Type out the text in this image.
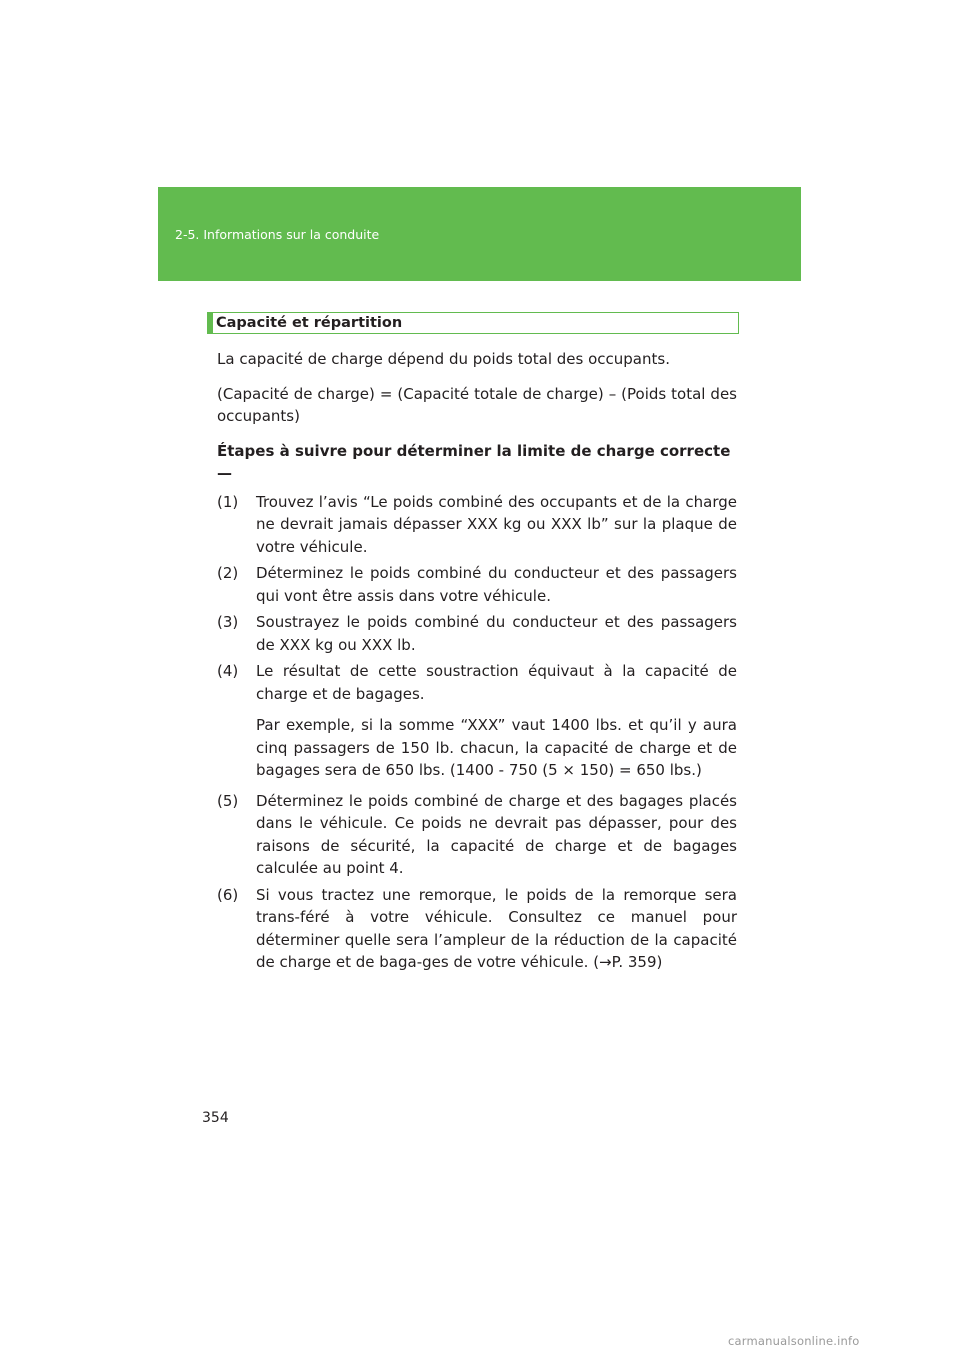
2-5. Informations sur la conduite
Capacité et répartition

La capacité de charge dépend du poids total des occupants.

(Capacité de charge) = (Capacité totale de charge) – (Poids total des occupants)

Étapes à suivre pour déterminer la limite de charge correcte —

(1) Trouvez l’avis “Le poids combiné des occupants et de la charge ne devrait jamais dépasser XXX kg ou XXX lb” sur la plaque de votre véhicule.
(2) Déterminez le poids combiné du conducteur et des passagers qui vont être assis dans votre véhicule.
(3) Soustrayez le poids combiné du conducteur et des passagers de XXX kg ou XXX lb.
(4) Le résultat de cette soustraction équivaut à la capacité de charge et de bagages.
Par exemple, si la somme “XXX” vaut 1400 lbs. et qu’il y aura cinq passagers de 150 lb. chacun, la capacité de charge et de bagages sera de 650 lbs. (1400 - 750 (5 × 150) = 650 lbs.)
(5) Déterminez le poids combiné de charge et des bagages placés dans le véhicule. Ce poids ne devrait pas dépasser, pour des raisons de sécurité, la capacité de charge et de bagages calculée au point 4.
(6) Si vous tractez une remorque, le poids de la remorque sera trans-féré à votre véhicule. Consultez ce manuel pour déterminer quelle sera l’ampleur de la réduction de la capacité de charge et de baga-ges de votre véhicule. (→P. 359)
354
carmanualsonline.info
